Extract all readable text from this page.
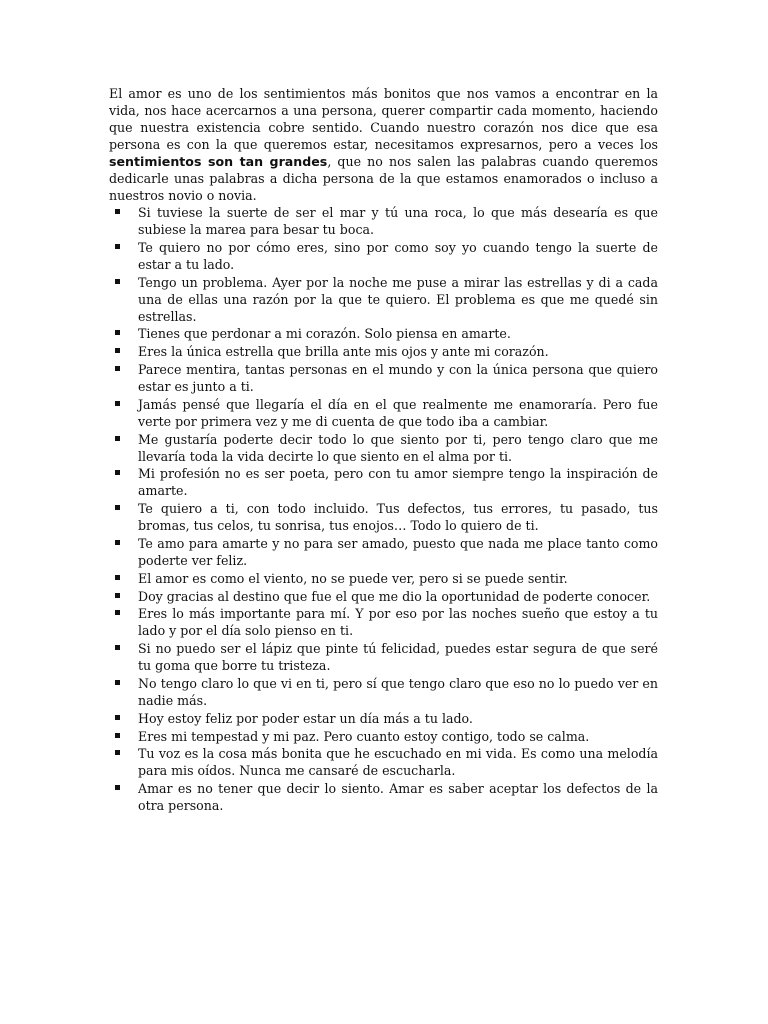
El amor es uno de los sentimientos más bonitos que nos vamos a encontrar en la vida, nos hace acercarnos a una persona, querer compartir cada momento, haciendo que nuestra existencia cobre sentido. Cuando nuestro corazón nos dice que esa persona es con la que queremos estar, necesitamos expresarnos, pero a veces los sentimientos son tan grandes, que no nos salen las palabras cuando queremos dedicarle unas palabras a dicha persona de la que estamos enamorados o incluso a nuestros novio o novia.

Si tuviese la suerte de ser el mar y tú una roca, lo que más desearía es que subiese la marea para besar tu boca.
Te quiero no por cómo eres, sino por como soy yo cuando tengo la suerte de estar a tu lado.
Tengo un problema. Ayer por la noche me puse a mirar las estrellas y di a cada una de ellas una razón por la que te quiero. El problema es que me quedé sin estrellas.
Tienes que perdonar a mi corazón. Solo piensa en amarte.
Eres la única estrella que brilla ante mis ojos y ante mi corazón.
Parece mentira, tantas personas en el mundo y con la única persona que quiero estar es junto a ti.
Jamás pensé que llegaría el día en el que realmente me enamoraría. Pero fue verte por primera vez y me di cuenta de que todo iba a cambiar.
Me gustaría poderte decir todo lo que siento por ti, pero tengo claro que me llevaría toda la vida decirte lo que siento en el alma por ti.
Mi profesión no es ser poeta, pero con tu amor siempre tengo la inspiración de amarte.
Te quiero a ti, con todo incluido. Tus defectos, tus errores, tu pasado, tus bromas, tus celos, tu sonrisa, tus enojos… Todo lo quiero de ti.
Te amo para amarte y no para ser amado, puesto que nada me place tanto como poderte ver feliz.
El amor es como el viento, no se puede ver, pero si se puede sentir.
Doy gracias al destino que fue el que me dio la oportunidad de poderte conocer.
Eres lo más importante para mí. Y por eso por las noches sueño que estoy a tu lado y por el día solo pienso en ti.
Si no puedo ser el lápiz que pinte tú felicidad, puedes estar segura de que seré tu goma que borre tu tristeza.
No tengo claro lo que vi en ti, pero sí que tengo claro que eso no lo puedo ver en nadie más.
Hoy estoy feliz por poder estar un día más a tu lado.
Eres mi tempestad y mi paz. Pero cuanto estoy contigo, todo se calma.
Tu voz es la cosa más bonita que he escuchado en mi vida. Es como una melodía para mis oídos. Nunca me cansaré de escucharla.
Amar es no tener que decir lo siento. Amar es saber aceptar los defectos de la otra persona.
